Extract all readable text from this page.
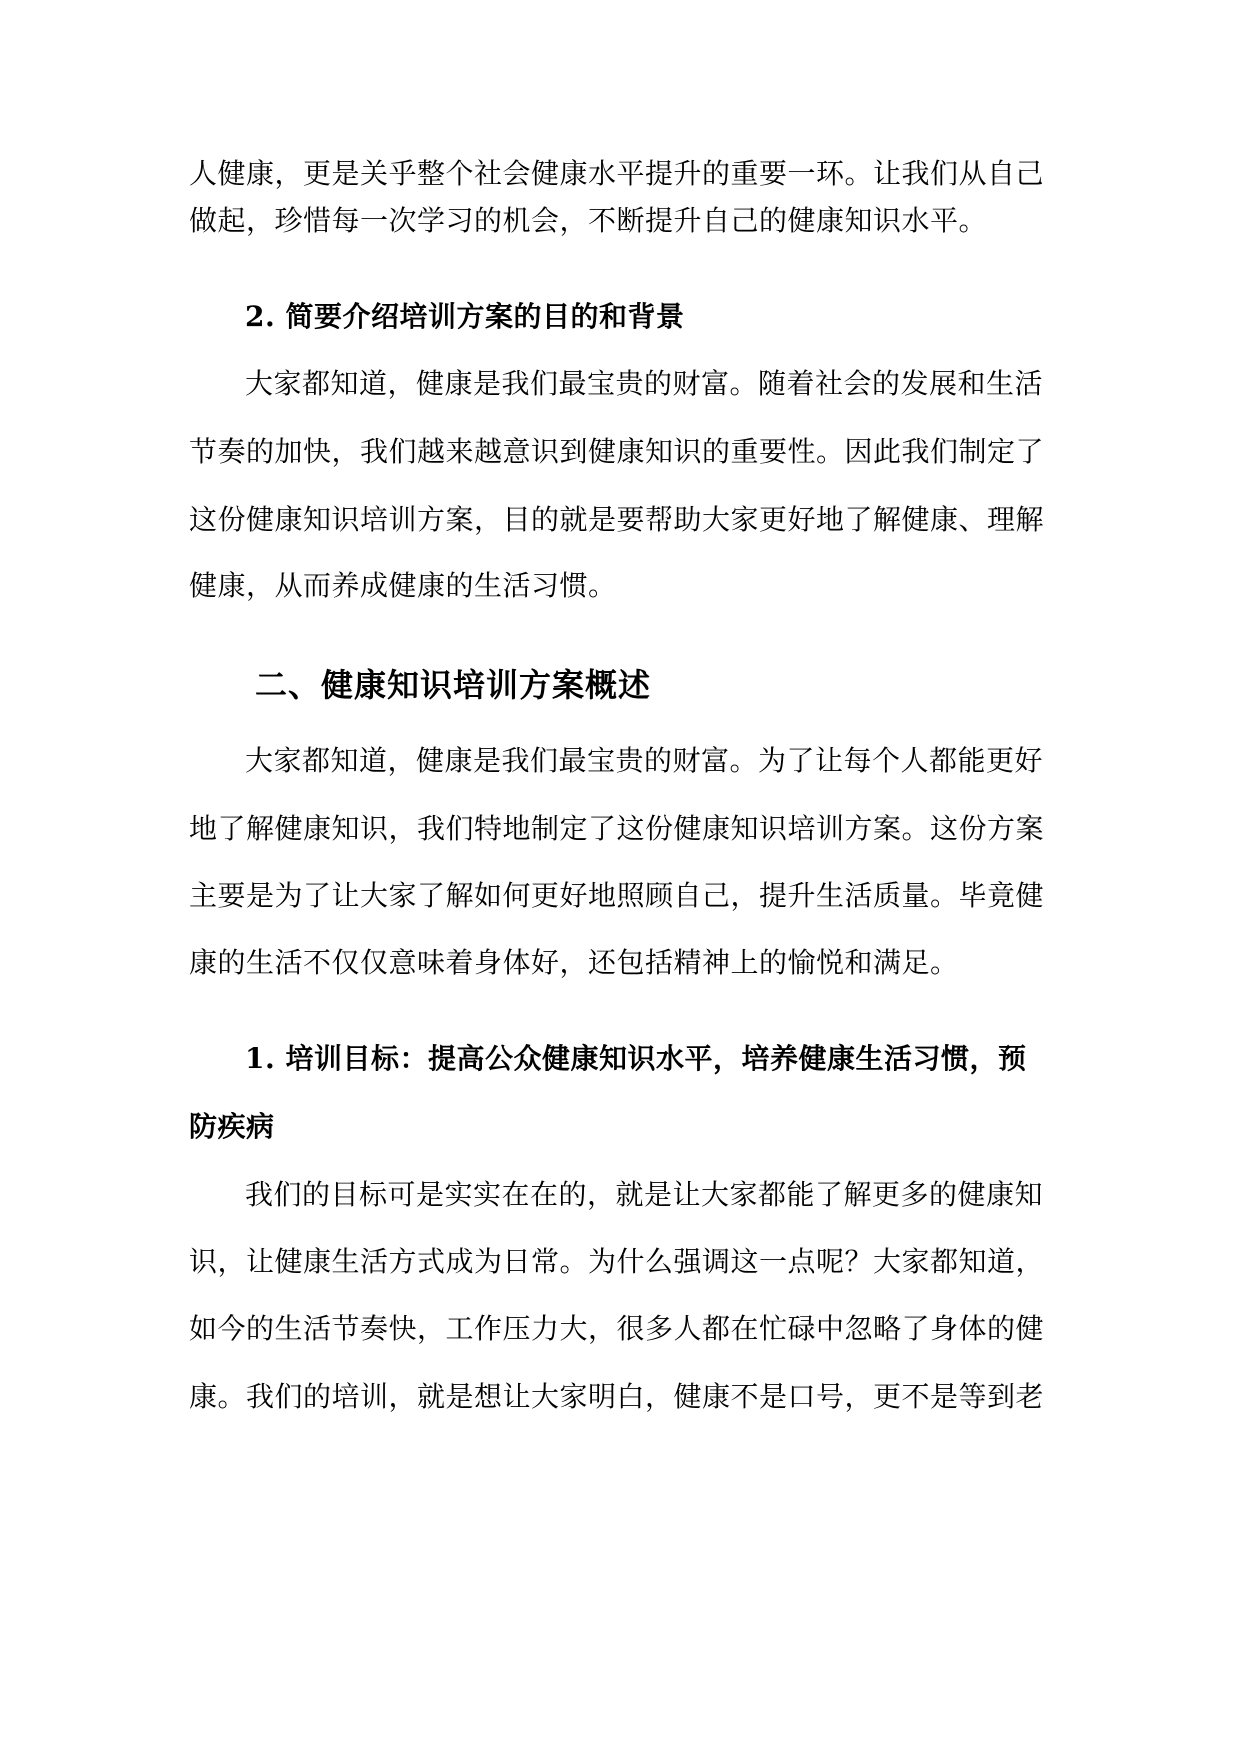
人健康，更是关乎整个社会健康水平提升的重要一环。让我们从自己
做起，珍惜每一次学习的机会，不断提升自己的健康知识水平。
2. 简要介绍培训方案的目的和背景
大家都知道，健康是我们最宝贵的财富。随着社会的发展和生活
节奏的加快，我们越来越意识到健康知识的重要性。因此我们制定了
这份健康知识培训方案，目的就是要帮助大家更好地了解健康、理解
健康，从而养成健康的生活习惯。
二、健康知识培训方案概述
大家都知道，健康是我们最宝贵的财富。为了让每个人都能更好
地了解健康知识，我们特地制定了这份健康知识培训方案。这份方案
主要是为了让大家了解如何更好地照顾自己，提升生活质量。毕竟健
康的生活不仅仅意味着身体好，还包括精神上的愉悦和满足。
1. 培训目标：提高公众健康知识水平，培养健康生活习惯，预
防疾病
我们的目标可是实实在在的，就是让大家都能了解更多的健康知
识，让健康生活方式成为日常。为什么强调这一点呢？大家都知道，
如今的生活节奏快，工作压力大，很多人都在忙碌中忽略了身体的健
康。我们的培训，就是想让大家明白，健康不是口号，更不是等到老
